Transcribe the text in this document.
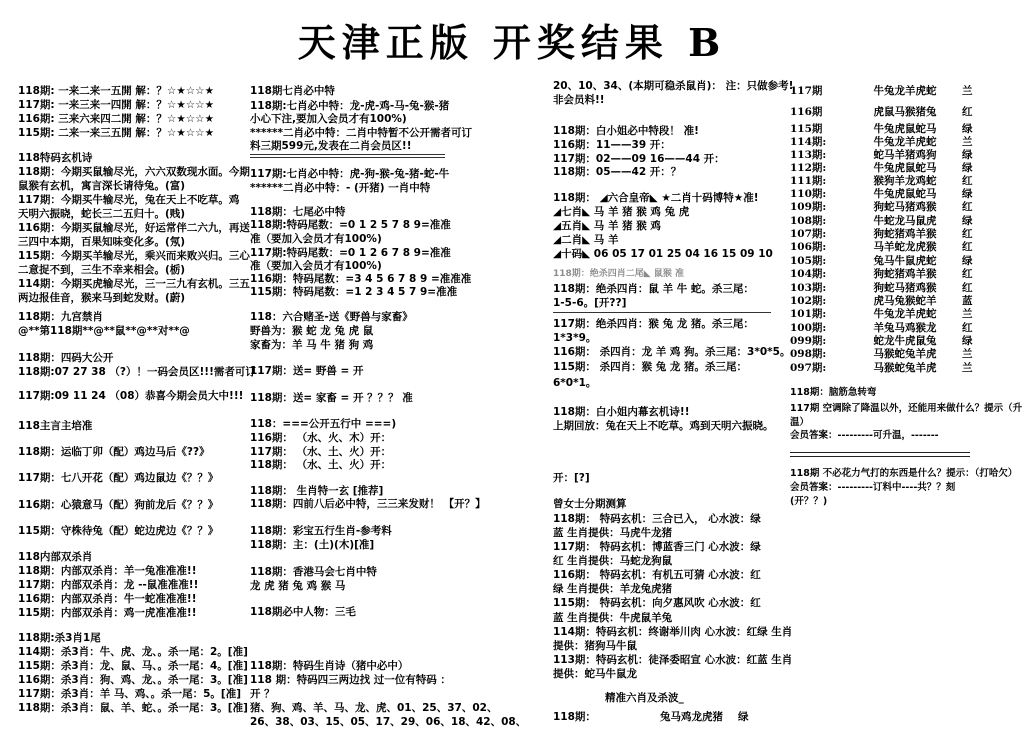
天津正版 开奖结果 B
118期: 一来二来一五開 解：？☆★☆☆★
117期: 一来三来一四開 解：？☆★☆☆★
116期: 三来六来四二開 解：？☆★☆☆★
115期: 二来一来三五開 解：？☆★☆☆★
118特码玄机诗
118期：今期买鼠输尽光，六六双数现水面。今期
鼠猴有玄机，寓言深长请待兔。(富)
117期：今期买牛输尽光，兔在天上不吃草。鸡
天明六振晓，蛇长三二五归十。(贱)
116期：今期买鼠输尽光，好运常伴二六九，再送
三四中本期，百果知味变化多。(氖)
115期：今期买羊输尽光，乘兴而来败兴归。三心
二意捉不到，三生不幸来相会。(栃)
114期：今期买虎输尽光，三一三九有玄机。三五
两边报佳音，猴来马到蛇发财。(蔚)
118期：九宫禁肖
@**第118期**@**鼠**@**对**@
118期：四码大公开
118期:07 27 38 （?）！一码会员区!!!需者可订
117期:09 11 24 （08）恭喜今期会员大中!!!
118主言主培准
118期：运临丁卯（配）鸡边马后《??》
117期：七八开花（配）鸡边鼠边《？？》
116期：心猿意马（配）狗前龙后《？？》
115期：守株待兔（配）蛇边虎边《？？》
118内部双杀肖
118期：内部双杀肖：羊一兔准准准!!
117期：内部双杀肖：龙 --鼠准准准!!
116期：内部双杀肖：牛一蛇准准准!!
115期：内部双杀肖：鸡一虎准准准!!
118期:杀3肖1尾
114期：杀3肖：牛、虎、龙、。杀一尾：2。[准]
115期：杀3肖：龙、鼠、马、。杀一尾：4。[准]
116期：杀3肖：狗、鸡、龙、。杀一尾：3。[准]
117期：杀3肖：羊 马、鸡、。杀一尾：5。[准]
118期：杀3肖：鼠、羊、蛇、。杀一尾：3。[准]
118期七肖必中特
118期:七肖必中特：龙-虎-鸡-马-兔-猴-猪
小心下注,要加入会员才有100%)
******二肖必中特：二肖中特暂不公开需者可订
料三期599元,发表在二肖会员区!!
117期:七肖必中特：虎-狗-猴-兔-猪-蛇-牛
******二肖必中特：- (开猪) 一肖中特
118期：七尾必中特
118期:特码尾数：=0 1 2 5 7 8 9=准准
准（要加入会员才有100%)
117期:特码尾数：=0 1 2 6 7 8 9=准准
准（要加入会员才有100%)
116期：特码尾数：=3 4 5 6 7 8 9 =准准准
115期：特码尾数：=1 2 3 4 5 7 9=准准
118：六合赌圣-送《野兽与家畜》
野兽为：猴 蛇 龙 兔 虎 鼠
家畜为：羊 马 牛 猪 狗 鸡
117期：送= 野兽 = 开
118期：送= 家畜 = 开 ？？？ 准
118：===公开五行中 ===)
116期： （水、火、木）开：
117期： （水、土、火）开：
118期： （水、土、火）开：
118期： 生肖特一玄 [推荐]
118期：四前八后必中特，三三来发财！ 【开？】
118期：彩宝五行生肖-参考料
118期：主：(土)(木)[准]
118期：香港马会七肖中特
龙 虎 猪 兔 鸡 猴 马
118期必中人物：三毛
118期：特码生肖诗（猪中必中）
118 期：特码四三两边找 过一位有特码 ：
开 ？
猪、狗、鸡、羊、马、龙、虎、01、25、37、02、
26、38、03、15、05、17、29、06、18、42、08、
20、10、34、(本期可稳杀鼠肖)： 注：只做参考!
非会员料!!
118期：白小姐必中特段！ 准!
116期：11——39 开：
117期：02——09 16——44 开：
118期：05——42 开：？
118期： ◢六合皇帝◣ ★二肖十码博特★准!
◢七肖◣ 马 羊 猪 猴 鸡 兔 虎
◢五肖◣ 马 羊 猪 猴 鸡
◢二肖◣ 马 羊
◢十码◣ 06 05 17 01 25 04 16 15 09 10
118期：绝杀四肖二尾◣ 鼠猴 准
118期：绝杀四肖：鼠 羊 牛 蛇。杀三尾：
1-5-6。[开??]
117期：绝杀四肖：猴 兔 龙 猪。杀三尾：
1*3*9。
116期： 杀四肖：龙 羊 鸡 狗。杀三尾：3*0*5。
115期： 杀四肖：猴 兔 龙 猪。杀三尾：
6*0*1。
118期：白小姐内幕玄机诗!!
上期回放：兔在天上不吃草。鸡到天明六振晓。
开：[?]
曾女士分期测算
118期： 特码玄机：三合已入， 心水波：绿
蓝 生肖提供：马虎牛龙猪
117期： 特码玄机：博蓝香三门 心水波：绿
红 生肖提供：马蛇龙狗鼠
116期： 特码玄机：有机五可猜 心水波：红
绿 生肖提供：羊龙兔虎猪
115期： 特码玄机：向夕惠风吹 心水波：红
蓝 生肖提供：牛虎鼠羊兔
114期：特码玄机：终谢举川肉 心水波：红绿 生肖
提供：猪狗马牛鼠
113期：特码玄机：徒泽委昭宣 心水波：红蓝 生肖
提供：蛇马牛鼠龙
精准六肖及杀波_
118期：	兔马鸡龙虎猪 绿
117期	牛兔龙羊虎蛇	兰
116期	虎鼠马猴猪兔	红
115期	牛兔虎鼠蛇马	绿
114期:	牛兔龙羊虎蛇	兰
113期:	蛇马羊猪鸡狗	绿
112期:	牛兔虎鼠蛇马	绿
111期:	猴狗羊龙鸡蛇	红
110期:	牛兔虎鼠蛇马	绿
109期:	狗蛇马猪鸡猴	红
108期:	牛蛇龙马鼠虎	绿
107期:	狗蛇猪鸡羊猴	红
106期:	马羊蛇龙虎猴	红
105期:	兔马牛鼠虎蛇	绿
104期:	狗蛇猪鸡羊猴	红
103期:	狗蛇马猪鸡猴	红
102期:	虎马兔猴蛇羊	蓝
101期:	牛兔龙羊虎蛇	兰
100期:	羊兔马鸡猴龙	红
099期:	蛇龙牛虎鼠兔	绿
098期:	马猴蛇兔羊虎	兰
097期:	马猴蛇兔羊虎	兰
118期：脑筋急转弯
117期 空调除了降温以外，还能用来做什么？提示（升
温）
会员答案：---------可升温，-------
118期 不必花力气打的东西是什么？提示：（打哈欠）
会员答案：---------订料中----共？？刻
(开？？)
